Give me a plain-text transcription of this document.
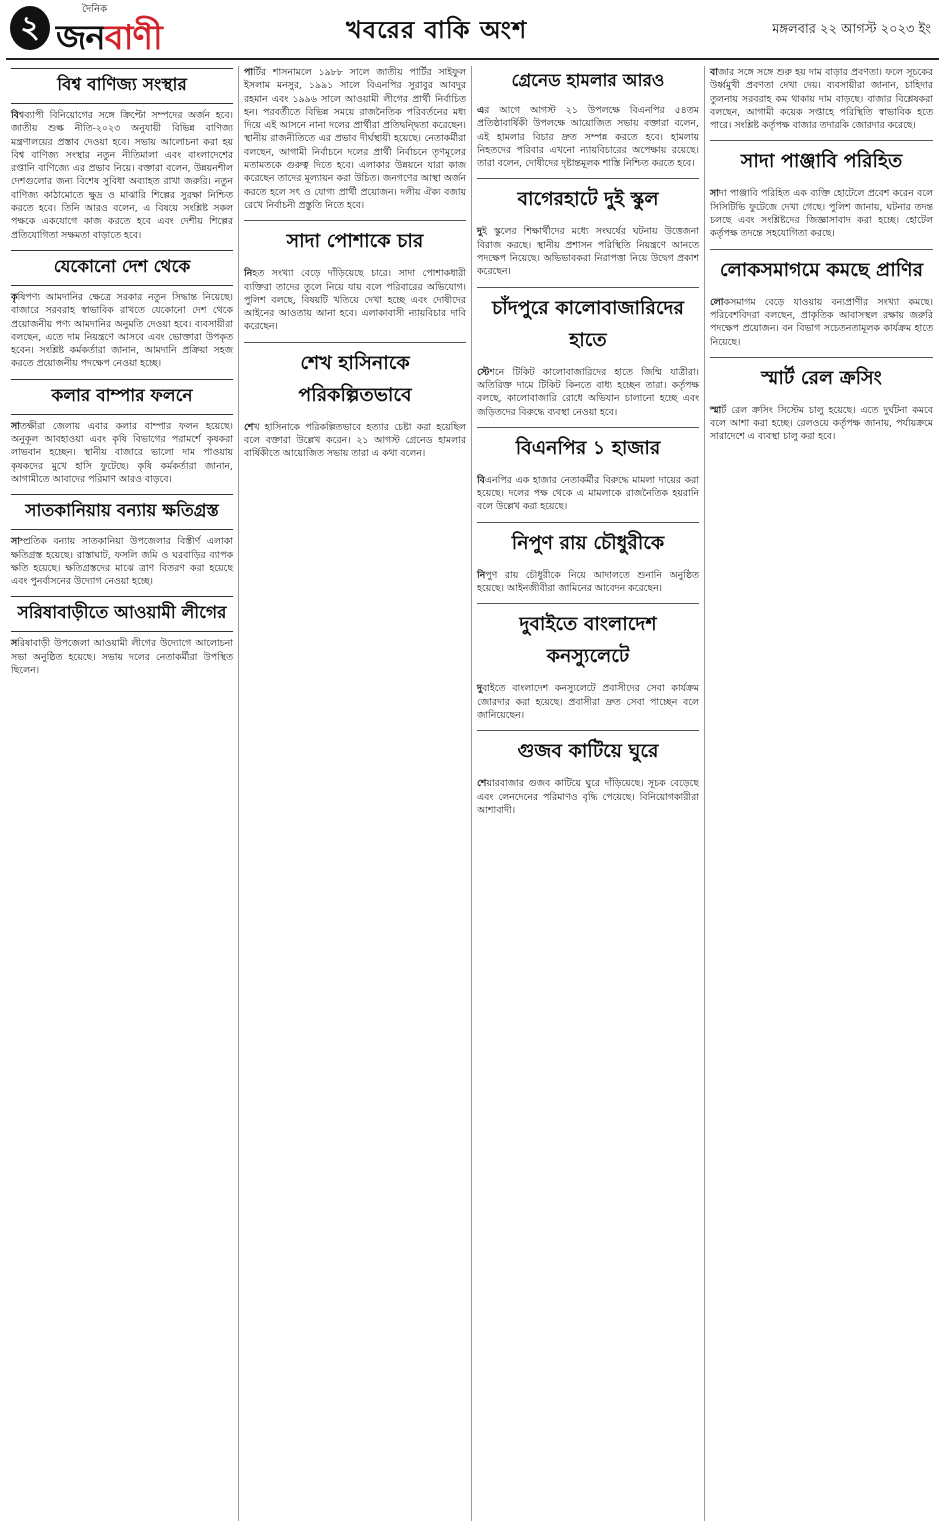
২
দৈনিক
জনবাণী	খবরের বাকি অংশ	মঙ্গলবার ২২ আগস্ট ২০২৩ ইং
বিশ্ব বাণিজ্য সংস্থার

বিশ্বব্যাপী বিনিয়োগের সঙ্গে ক্রিপ্টো সম্পদের অর্জন হবে। জাতীয় শুল্ক নীতি-২০২৩ অনুযায়ী বিভিন্ন বাণিজ্য মন্ত্রণালয়ের প্রস্তাব দেওয়া হবে। সভায় আলোচনা করা হয় বিশ্ব বাণিজ্য সংস্থার নতুন নীতিমালা এবং বাংলাদেশের রপ্তানি বাণিজ্যে এর প্রভাব নিয়ে। বক্তারা বলেন, উন্নয়নশীল দেশগুলোর জন্য বিশেষ সুবিধা অব্যাহত রাখা জরুরি। নতুন বাণিজ্য কাঠামোতে ক্ষুদ্র ও মাঝারি শিল্পের সুরক্ষা নিশ্চিত করতে হবে। তিনি আরও বলেন, এ বিষয়ে সংশ্লিষ্ট সকল পক্ষকে একযোগে কাজ করতে হবে এবং দেশীয় শিল্পের প্রতিযোগিতা সক্ষমতা বাড়াতে হবে।

যেকোনো দেশ থেকে

কৃষিপণ্য আমদানির ক্ষেত্রে সরকার নতুন সিদ্ধান্ত নিয়েছে। বাজারে সরবরাহ স্বাভাবিক রাখতে যেকোনো দেশ থেকে প্রয়োজনীয় পণ্য আমদানির অনুমতি দেওয়া হবে। ব্যবসায়ীরা বলছেন, এতে দাম নিয়ন্ত্রণে আসবে এবং ভোক্তারা উপকৃত হবেন। সংশ্লিষ্ট কর্মকর্তারা জানান, আমদানি প্রক্রিয়া সহজ করতে প্রয়োজনীয় পদক্ষেপ নেওয়া হচ্ছে।

কলার বাম্পার ফলনে

সাতক্ষীরা জেলায় এবার কলার বাম্পার ফলন হয়েছে। অনুকূল আবহাওয়া এবং কৃষি বিভাগের পরামর্শে কৃষকরা লাভবান হচ্ছেন। স্থানীয় বাজারে ভালো দাম পাওয়ায় কৃষকদের মুখে হাসি ফুটেছে। কৃষি কর্মকর্তারা জানান, আগামীতে আবাদের পরিমাণ আরও বাড়বে।

সাতকানিয়ায় বন্যায় ক্ষতিগ্রস্ত

সাম্প্রতিক বন্যায় সাতকানিয়া উপজেলার বিস্তীর্ণ এলাকা ক্ষতিগ্রস্ত হয়েছে। রাস্তাঘাট, ফসলি জমি ও ঘরবাড়ির ব্যাপক ক্ষতি হয়েছে। ক্ষতিগ্রস্তদের মাঝে ত্রাণ বিতরণ করা হয়েছে এবং পুনর্বাসনের উদ্যোগ নেওয়া হচ্ছে।

সরিষাবাড়ীতে আওয়ামী লীগের

সরিষাবাড়ী উপজেলা আওয়ামী লীগের উদ্যোগে আলোচনা সভা অনুষ্ঠিত হয়েছে। সভায় দলের নেতাকর্মীরা উপস্থিত ছিলেন।

পার্টির শাসনামলে ১৯৮৮ সালে জাতীয় পার্টির সাইফুল ইসলাম মনসুর, ১৯৯১ সালে বিএনপির সুরাবুর আবদুর রহমান এবং ১৯৯৬ সালে আওয়ামী লীগের প্রার্থী নির্বাচিত হন। পরবর্তীতে বিভিন্ন সময়ে রাজনৈতিক পরিবর্তনের মধ্য দিয়ে এই আসনে নানা দলের প্রার্থীরা প্রতিদ্বন্দ্বিতা করেছেন। স্থানীয় রাজনীতিতে এর প্রভাব দীর্ঘস্থায়ী হয়েছে। নেতাকর্মীরা বলছেন, আগামী নির্বাচনে দলের প্রার্থী নির্বাচনে তৃণমূলের মতামতকে গুরুত্ব দিতে হবে। এলাকার উন্নয়নে যারা কাজ করেছেন তাদের মূল্যায়ন করা উচিত। জনগণের আস্থা অর্জন করতে হলে সৎ ও যোগ্য প্রার্থী প্রয়োজন। দলীয় ঐক্য বজায় রেখে নির্বাচনী প্রস্তুতি নিতে হবে।

সাদা পোশাকে চার

নিহত সংখ্যা বেড়ে দাঁড়িয়েছে চারে। সাদা পোশাকধারী ব্যক্তিরা তাদের তুলে নিয়ে যায় বলে পরিবারের অভিযোগ। পুলিশ বলছে, বিষয়টি খতিয়ে দেখা হচ্ছে এবং দোষীদের আইনের আওতায় আনা হবে। এলাকাবাসী ন্যায়বিচার দাবি করেছেন।

শেখ হাসিনাকে পরিকল্পিতভাবে

শেখ হাসিনাকে পরিকল্পিতভাবে হত্যার চেষ্টা করা হয়েছিল বলে বক্তারা উল্লেখ করেন। ২১ আগস্ট গ্রেনেড হামলার বার্ষিকীতে আয়োজিত সভায় তারা এ কথা বলেন।

গ্রেনেড হামলার আরও

এর আগে আগস্ট ২১ উপলক্ষে বিএনপির ৫৪তম প্রতিষ্ঠাবার্ষিকী উপলক্ষে আয়োজিত সভায় বক্তারা বলেন, এই হামলার বিচার দ্রুত সম্পন্ন করতে হবে। হামলায় নিহতদের পরিবার এখনো ন্যায়বিচারের অপেক্ষায় রয়েছে। তারা বলেন, দোষীদের দৃষ্টান্তমূলক শাস্তি নিশ্চিত করতে হবে।

বাগেরহাটে দুই স্কুল

দুই স্কুলের শিক্ষার্থীদের মধ্যে সংঘর্ষের ঘটনায় উত্তেজনা বিরাজ করছে। স্থানীয় প্রশাসন পরিস্থিতি নিয়ন্ত্রণে আনতে পদক্ষেপ নিয়েছে। অভিভাবকরা নিরাপত্তা নিয়ে উদ্বেগ প্রকাশ করেছেন।

চাঁদপুরে কালোবাজারিদের হাতে

স্টেশনে টিকিট কালোবাজারিদের হাতে জিম্মি যাত্রীরা। অতিরিক্ত দামে টিকিট কিনতে বাধ্য হচ্ছেন তারা। কর্তৃপক্ষ বলছে, কালোবাজারি রোধে অভিযান চালানো হচ্ছে এবং জড়িতদের বিরুদ্ধে ব্যবস্থা নেওয়া হবে।

বিএনপির ১ হাজার

বিএনপির এক হাজার নেতাকর্মীর বিরুদ্ধে মামলা দায়ের করা হয়েছে। দলের পক্ষ থেকে এ মামলাকে রাজনৈতিক হয়রানি বলে উল্লেখ করা হয়েছে।

নিপুণ রায় চৌধুরীকে

নিপুণ রায় চৌধুরীকে নিয়ে আদালতে শুনানি অনুষ্ঠিত হয়েছে। আইনজীবীরা জামিনের আবেদন করেছেন।

দুবাইতে বাংলাদেশ কনস্যুলেটে

দুবাইতে বাংলাদেশ কনস্যুলেটে প্রবাসীদের সেবা কার্যক্রম জোরদার করা হয়েছে। প্রবাসীরা দ্রুত সেবা পাচ্ছেন বলে জানিয়েছেন।

গুজব কাটিয়ে ঘুরে

শেয়ারবাজার গুজব কাটিয়ে ঘুরে দাঁড়িয়েছে। সূচক বেড়েছে এবং লেনদেনের পরিমাণও বৃদ্ধি পেয়েছে। বিনিয়োগকারীরা আশাবাদী।

বাজার সঙ্গে সঙ্গে শুরু হয় দাম বাড়ার প্রবণতা। ফলে সূচকের উর্ধ্বমুখী প্রবণতা দেখা দেয়। ব্যবসায়ীরা জানান, চাহিদার তুলনায় সরবরাহ কম থাকায় দাম বাড়ছে। বাজার বিশ্লেষকরা বলছেন, আগামী কয়েক সপ্তাহে পরিস্থিতি স্বাভাবিক হতে পারে। সংশ্লিষ্ট কর্তৃপক্ষ বাজার তদারকি জোরদার করেছে।

সাদা পাঞ্জাবি পরিহিত

সাদা পাঞ্জাবি পরিহিত এক ব্যক্তি হোটেলে প্রবেশ করেন বলে সিসিটিভি ফুটেজে দেখা গেছে। পুলিশ জানায়, ঘটনার তদন্ত চলছে এবং সংশ্লিষ্টদের জিজ্ঞাসাবাদ করা হচ্ছে। হোটেল কর্তৃপক্ষ তদন্তে সহযোগিতা করছে।

লোকসমাগমে কমছে প্রাণির

লোকসমাগম বেড়ে যাওয়ায় বন্যপ্রাণীর সংখ্যা কমছে। পরিবেশবিদরা বলছেন, প্রাকৃতিক আবাসস্থল রক্ষায় জরুরি পদক্ষেপ প্রয়োজন। বন বিভাগ সচেতনতামূলক কার্যক্রম হাতে নিয়েছে।

স্মার্ট রেল ক্রসিং

স্মার্ট রেল ক্রসিং সিস্টেম চালু হয়েছে। এতে দুর্ঘটনা কমবে বলে আশা করা হচ্ছে। রেলওয়ে কর্তৃপক্ষ জানায়, পর্যায়ক্রমে সারাদেশে এ ব্যবস্থা চালু করা হবে।
